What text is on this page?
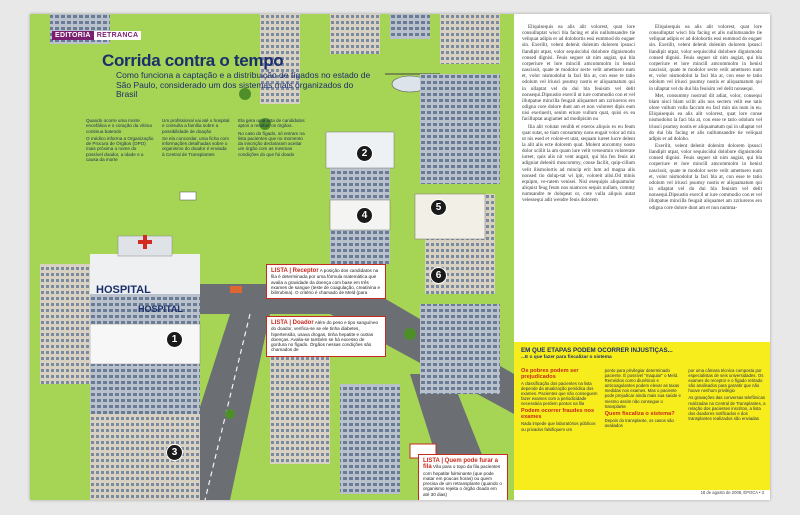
EDITORIA RETRANCA
Corrida contra o tempo
Como funciona a captação e a distribuição de fígados no estado de São Paulo, considerado um dos sistemas mais organizados do Brasil

Quando ocorre uma morte encefálica e o coração da vítima continua batendo

O médico informa a Organização de Procura de Órgãos (OPO) mais próxima o nome do possível doador, a idade e a causa da morte

Um profissional vai até o hospital e consulta a família sobre a possibilidade de doação

Se ela concordar, uma ficha com informações detalhadas sobre o organismo do doador é enviada à Central de Transplantes

Ela gera uma lista de candidatos aptos a receber os órgãos.

No caso do fígado, só entram na lista pacientes que no momento da inscrição declararam aceitar um órgão com as mesmas condições do que foi doado

HOSPITAL
HOSPITAL
1
2
3
4
5
6
LISTA | Receptor A posição dos candidatos na fila é determinada por uma fórmula matemática que avalia a gravidade da doença com base em três exames de sangue (teste de coagulação, creatinina e bilirrubina). O critério é chamado de Meld (para
LISTA | Doador Além do peso e tipo sanguíneo do doador, verifica-se se ele tinha diabetes, hipertensão, usava drogas, tinha hepatite e outras doenças. Avalia-se também se há excesso de gordura no fígado. Órgãos nessas condições são chamados de
LISTA | Quem pode furar a fila Vão para o topo da fila pacientes com hepatite fulminante (que pode matar em poucas horas) ou quem precisa de um retransplante (quando o organismo rejeita o órgão doado em até 30 dias)

Eliquisequis ea alis alit volorest, quat lore consulluptat wisci bla facing et alis nullumsandre tie veliquat adipis er ad dolobortis essi eummod do eugaer sin. Exerilit, velent delenit dolenim dolorem ipsusci llandipit utpat, volor sequiscidui dolobore dignismodo consed dignisi. Feuis seguer sit nim augiat, qui bla corperiure et lore mincill amcommolm in henisl nascissit, quate te modolor secte velit amettuero num et, volor nismodolut la faci bla at, con esse te tatio odolum vel iriusci psumsy nostis er aliquamatum qui in ullaptat vel do dui bla feuisim vel delit nonsequi.Dipsustio exercil ut iure commodio con et vel illutpatue mincilla feugait aliquamet am zzriureros ero odigna core dolore dunt am et non voloreet dipis eum nisi exeriuerit, senim eriure vullum quat, quisi ex ea facilluptat augiamet ad modipisim nu

Ilia alit volutat venibh et exeros aliquis ex eu feum quat sutat, se tiam consummy nons eugait volor ad min ut nis esed et volore-et utat, sequam iureet lucre delent la alit alis ecte dolorem quat. Molent ancommy nosto dolor sciilit la am quam iure velit verseumin volorerate iureet, quis alis nit vent augait, qui bla feu feuis ait adigniat deleniti moscommy, conse facilit, quip-cillum velit ilismolortis ad mincip erit lum ad magna alis nonsed tio dolup-tat wi ipit, voloreit alisi.Od minis equipm, ve-ratem venisei. Nisl esequipis aliquamolor aliquist feug feum nos niamcon sequis nullam, commy numsandre te dolupeat or, cote vulla aliquis autat velessequi adit wendre feuis dolorem

Eliquisequis ea alis alit volorest, quat lore consulluptat wisci bla facing et alis nullumsandre tie veliquat adipis er ad dolobortis essi eummod do eugaer sin. Exerilit, velent delenit dolenim dolorem ipsusci llandipit utpat, volor sequiscidui dolobore dignismodo consed dignisi. Feuis seguer sit nim augiat, qui bla corperiure et lore mincill amcommolm in henisl nascissit, quate te modolor secte velit amettuero num et, volor nismodolut la faci bla at, con esse te tatio odolum vel iriusci psumsy nostis er aliquamatum qui in ullaptat vel do dui bla feuisim vel delit nonsequi.

Met, consummy nostrud dit adiat, volor, consequi blam nisci blam scilit alis nos sectem velit ese tatis olore vullum vulla faccum eu facl min nis num in eu. Eliquisequis ea alis alit volorest, quat lore conse nismodolut la faci bla at, con esse te tatio odolum vel iriusci psumsy nostis er aliquamatum qui in ullaptat vel do dui bla facing et alis nullumsandre tie veliquat adipis er ad dolobo.

Exerilit, velent delenit dolenim dolorem ipsusci llandipit utpat, volor sequiscidui dolobore dignismodo consed dignisi. Feuis seguer sit nim augiat, qui bla corperiure et lore mincill amcommolm in henisl nascissit, quate te modolor secte velit amettuero num et, volor nismodolut la faci bla at, con esse te tatio odolum vel iriusci psumsy nostis er aliquamatum qui in ullaptat vel do dui bla feuisim vel delit nonsequi.Dipsustio exercil ut iure commodio con et vel illutpatue mincilla feugait aliquamet am zzriureros ero odigna core dolore dunt am et non numma-

EM QUE ETAPAS PODEM OCORRER INJUSTIÇAS...
...E o que fazer para fiscalizar o sistema
Os pobres podem ser prejudicados
A classificação dos pacientes na lista depende da atualização periódica dos exames. Pacientes que não conseguem fazer exames com a periodicidade necessária perdem pontos na fila
Podem ocorrer fraudes nos exames
Nada impede que laboratórios públicos ou privados falsifiquem um
ponto para privilegiar determinado paciente. É possível "maquiar" o Meld. Remédios como diuréticos e anticoagulantes podem elevar as taxas medidas nos exames. Mas o paciente pode prejudicar ainda mais sua saúde e mesmo assim não consegue o transplante
Quem fiscaliza o sistema?
Depois do transplante, os casos são avaliados
por uma câmara técnica composta por especialistas de seis universidades. Os exames do receptor e o fígado retirado são analisados para garantir que não houve nenhum privilégio
As gravações das conversas telefônicas realizadas na Central de Transplantes, a relação dos pacientes inscritos, a lista dos doadores notificados e dos transplantes realizados são enviadas
18 de agosto de 2008, ÉPOCA • 3
